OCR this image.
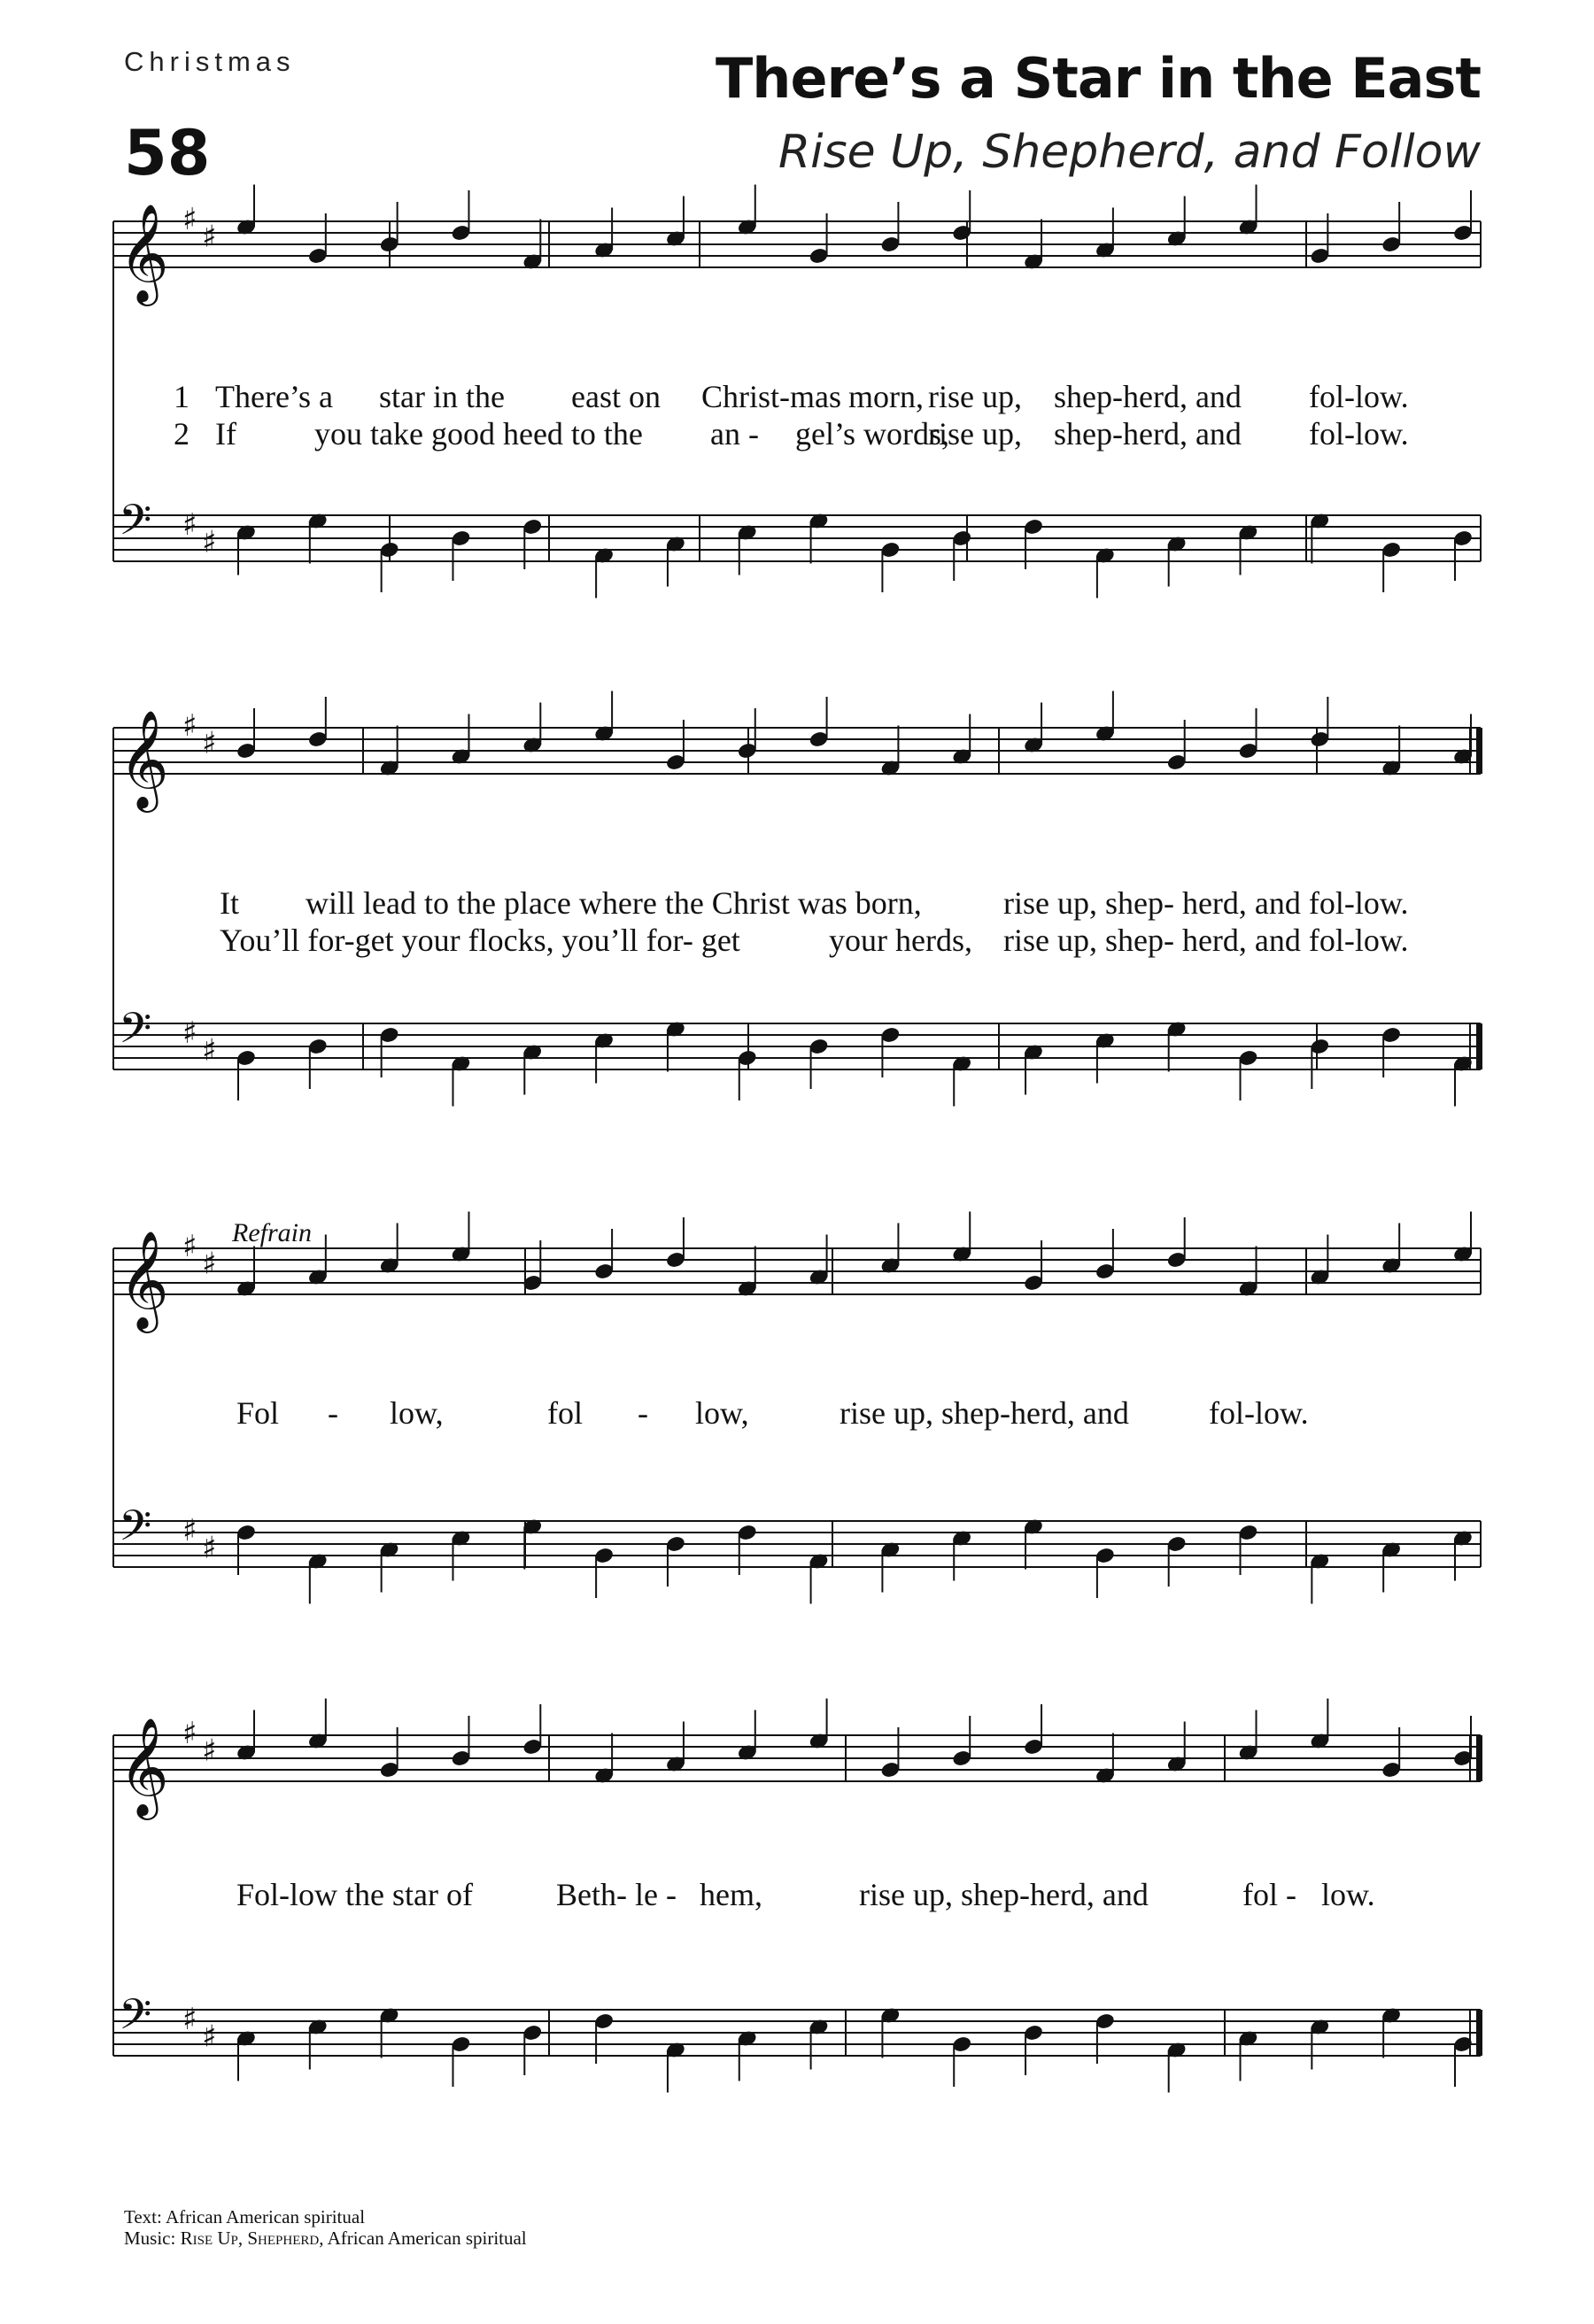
Christmas
58
There’s a Star in the East
Rise Up, Shepherd, and Follow
𝄞 ♯ ♯
𝄢 ♯ ♯
𝄞 ♯ ♯
𝄢 ♯ ♯
𝄞 ♯ ♯
𝄢 ♯ ♯
𝄞 ♯ ♯
𝄢 ♯ ♯
Refrain
1 There’s a star in the east on Christ-mas morn, rise up, shep-herd, and fol-low.
2 If you take good heed to the an - gel’s words,
rise up, shep-herd, and fol-low.
It will lead to the place where the Christ was born,	rise up, shep- herd, and fol-low.
You’ll for-get your flocks, you’ll for- get	your herds, rise up, shep- herd, and fol-low.
Fol - low,	fol - low,	rise up, shep-herd, and	fol-low.
Fol-low the star of	Beth- le - hem,	rise up, shep-herd, and	fol - low.
Text: African American spiritual
Music: Rise Up, Shepherd, African American spiritual
